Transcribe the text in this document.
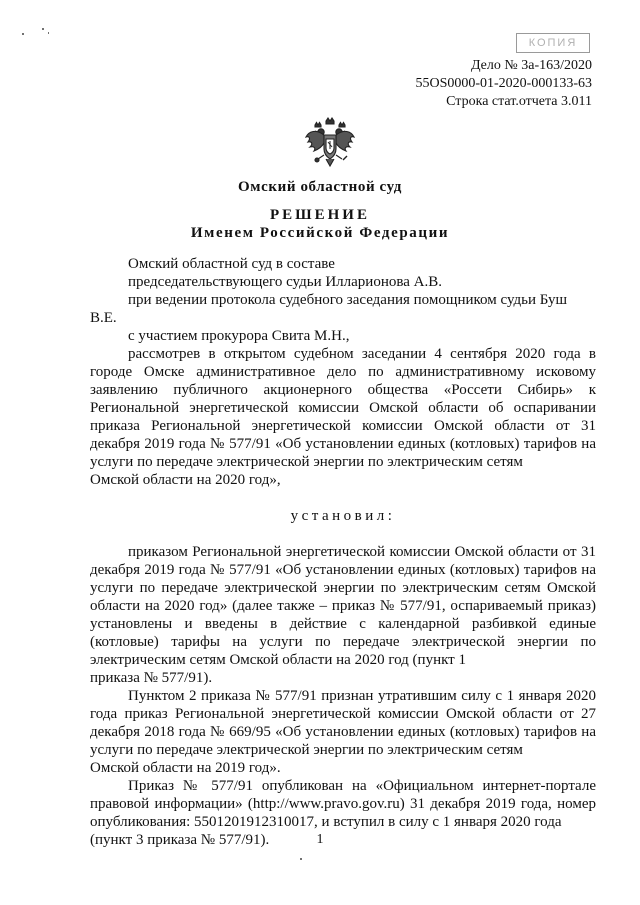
КОПИЯ
Дело № 3а-163/2020
55OS0000-01-2020-000133-63
Строка стат.отчета 3.011
Омский областной суд
РЕШЕНИЕ
Именем Российской Федерации

Омский областной суд в составе

председательствующего судьи Илларионова А.В.

при ведении протокола судебного заседания помощником судьи Буш

В.Е.

с участием прокурора Свита М.Н.,

рассмотрев в открытом судебном заседании 4 сентября 2020 года в городе Омске административное дело по административному исковому заявлению публичного акционерного общества «Россети Сибирь» к Региональной энергетической комиссии Омской области об оспаривании приказа Региональной энергетической комиссии Омской области от 31 декабря 2019 года № 577/91 «Об установлении единых (котловых) тарифов на услуги по передаче электрической энергии по электрическим сетям

Омской области на 2020 год»,

установил:

приказом Региональной энергетической комиссии Омской области от 31 декабря 2019 года № 577/91 «Об установлении единых (котловых) тарифов на услуги по передаче электрической энергии по электрическим сетям Омской области на 2020 год» (далее также – приказ № 577/91, оспариваемый приказ) установлены и введены в действие с календарной разбивкой единые (котловые) тарифы на услуги по передаче электрической энергии по электрическим сетям Омской области на 2020 год (пункт 1

приказа № 577/91).

Пунктом 2 приказа № 577/91 признан утратившим силу с 1 января 2020 года приказ Региональной энергетической комиссии Омской области от 27 декабря 2018 года № 669/95 «Об установлении единых (котловых) тарифов на услуги по передаче электрической энергии по электрическим сетям

Омской области на 2019 год».

Приказ № 577/91 опубликован на «Официальном интернет-портале правовой информации» (http://www.pravo.gov.ru) 31 декабря 2019 года, номер опубликования: 5501201912310017, и вступил в силу с 1 января 2020 года

(пункт 3 приказа № 577/91).	1
